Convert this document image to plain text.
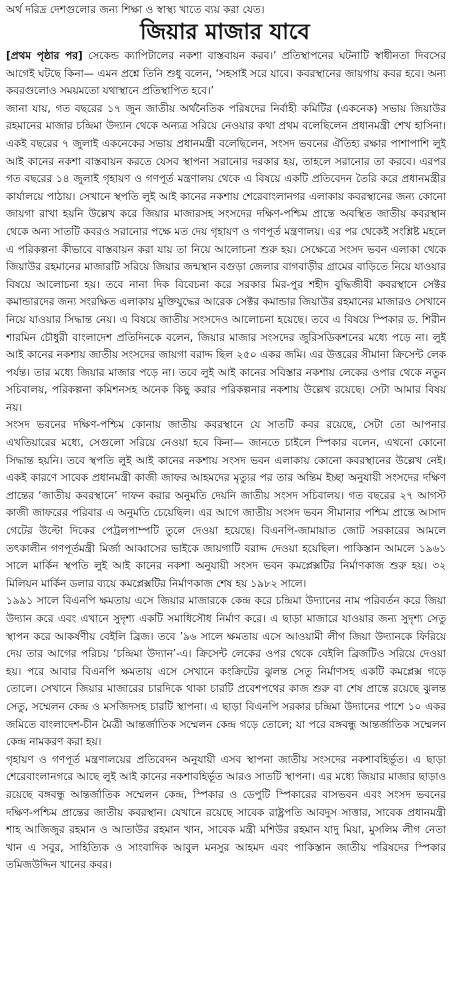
অর্থ দরিদ্র দেশগুলোর জন্য শিক্ষা ও স্বাস্থ্য খাতে ব্যয় করা যেত।
জিয়ার মাজার যাবে

[প্রথম পৃষ্ঠার পর] সেকেন্ড ক্যাপিটালের নকশা বাস্তবায়ন করব।’ প্রতিস্থাপনের ঘটনাটি স্বাধীনতা দিবসের আগেই ঘটছে কিনা— এমন প্রশ্নে তিনি শুধু বলেন, ‘সহসাই সরে যাবে। কবরস্থানের জায়গায় কবর হবে। অন্য কবরগুলোও সময়মতো যথাস্থানে প্রতিস্থাপিত হবে।’

জানা যায়, গত বছরের ১৭ জুন জাতীয় অর্থনৈতিক পরিষদের নির্বাহী কমিটির (একনেক) সভায় জিয়াউর রহমানের মাজার চন্দ্রিমা উদ্যান থেকে অন্যত্র সরিয়ে নেওয়ার কথা প্রথম বলেছিলেন প্রধানমন্ত্রী শেখ হাসিনা। একই বছরের ৭ জুলাই একনেকের সভায় প্রধানমন্ত্রী বলেছিলেন, সংসদ ভবনের ঐতিহ্য রক্ষার পাশাপাশি লুই আই কানের নকশা বাস্তবায়ন করতে যেসব স্থাপনা সরানোর দরকার হয়, তাহলে সরানোর তা করবে। এরপর গত বছরের ১৪ জুলাই গৃহায়ণ ও গণপূর্ত মন্ত্রণালয় থেকে এ বিষয়ে একটি প্রতিবেদন তৈরি করে প্রধানমন্ত্রীর কার্যালয়ে পাঠায়। সেখানে স্থপতি লুই আই কানের নকশায় শেরেবাংলানগর এলাকায় কবরস্থানের জন্য কোনো জায়গা রাখা হয়নি উল্লেখ করে জিয়ার মাজারসহ সংসদের দক্ষিণ-পশ্চিম প্রান্তে অবস্থিত জাতীয় কবরস্থান থেকে অন্য সাতটি কবরও সরানোর পক্ষে মত দেয় গৃহায়ণ ও গণপূর্ত মন্ত্রণালয়। এর পর থেকেই সংশ্লিষ্ট মহলে এ পরিকল্পনা কীভাবে বাস্তবায়ন করা যায় তা নিয়ে আলোচনা শুরু হয়। সেক্ষেত্রে সংসদ ভবন এলাকা থেকে জিয়াউর রহমানের মাজারটি সরিয়ে জিয়ার জন্মস্থান বগুড়া জেলার বাগবাড়ীর গ্রামের বাড়িতে নিয়ে যাওয়ার বিষয়ে আলোচনা হয়। তবে নানা দিক বিবেচনা করে সরকার মির-পুর শহীদ বুদ্ধিজীবী কবরস্থানে সেক্টর কমান্ডারদের জন্য সংরক্ষিত এলাকায় মুক্তিযুদ্ধের আরেক সেক্টর কমান্ডার জিয়াউর রহমানের মাজারও সেখানে নিয়ে যাওয়ার সিদ্ধান্ত নেয়। এ বিষয়ে জাতীয় সংসদেও আলোচনা হয়েছে। তবে এ বিষয়ে স্পিকার ড. শিরীন শারমিন চৌধুরী বাংলাদেশ প্রতিদিনকে বলেন, জিয়ার মাজার সংসদের জুরিসডিকশনের মধ্যে পড়ে না। লুই আই কানের নকশায় জাতীয় সংসদের জায়গা বরাদ্দ ছিল ২৫০ একর জমি। এর উত্তরের সীমানা ক্রিসেন্ট লেক পর্যন্ত। তার মধ্যে জিয়ার মাজার পড়ে না। তবে লুই আই কানের সবিস্তার নকশায় লেকের ওপার থেকে নতুন সচিবালয়, পরিকল্পনা কমিশনসহ অনেক কিছু করার পরিকল্পনার নকশায় উল্লেখ রয়েছে। সেটা আমার বিষয় নয়।

সংসদ ভবনের দক্ষিণ-পশ্চিম কোনায় জাতীয় কবরস্থানে যে সাতটি কবর রয়েছে, সেটা তো আপনার এখতিয়ারের মধ্যে, সেগুলো সরিয়ে নেওয়া হবে কিনা— জানতে চাইলে স্পিকার বলেন, এখনো কোনো সিদ্ধান্ত হয়নি। তবে স্থপতি লুই আই কানের নকশায় সংসদ ভবন এলাকায় কোনো কবরস্থানের উল্লেখ নেই। একই কারণে সাবেক প্রধানমন্ত্রী কাজী জাফর আহমদের মৃত্যুর পর তার অন্তিম ইচ্ছা অনুযায়ী সংসদের দক্ষিণ প্রান্তের ‘জাতীয় কবরস্থানে’ দাফন করার অনুমতি দেয়নি জাতীয় সংসদ সচিবালয়। গত বছরের ২৭ আগস্ট কাজী জাফরের পরিবার এ অনুমতি চেয়েছিল। এর আগে জাতীয় সংসদ ভবন সীমানার পশ্চিম প্রান্তে আসাদ গেটের উল্টো দিকের পেট্রলপাম্পটি তুলে দেওয়া হয়েছে। বিএনপি-জামায়াত জোট সরকারের আমলে তৎকালীন গণপূর্তমন্ত্রী মির্জা আব্বাসের ভাইকে জায়গাটি বরাদ্দ দেওয়া হয়েছিল। পাকিস্তান আমলে ১৯৬১ সালে মার্কিন স্থপতি লুই আই কানের নকশা অনুযায়ী সংসদ ভবন কমপ্লেক্সটির নির্মাণকাজ শুরু হয়। ৩২ মিলিয়ন মার্কিন ডলার ব্যয়ে কমপ্লেক্সটির নির্মাণকাজ শেষ হয় ১৯৮২ সালে।

১৯৯১ সালে বিএনপি ক্ষমতায় এসে জিয়ার মাজারকে কেন্দ্র করে চন্দ্রিমা উদ্যানের নাম পরিবর্তন করে জিয়া উদ্যান করে এবং এখানে সুদৃশ্য একটি সমাধিসৌধ নির্মাণ করে। এ ছাড়া মাজারে যাওয়ার জন্য সুদৃশ্য সেতু স্থাপন করে আকর্ষণীয় বেইলি ব্রিজ। তবে ’৯৬ সালে ক্ষমতায় এসে আওয়ামী লীগ জিয়া উদ্যানকে ফিরিয়ে দেয় তার আগের পরিচয় ‘চন্দ্রিমা উদ্যান’-এ। ক্রিসেন্ট লেকের ওপর থেকে বেইলি ব্রিজটিও সরিয়ে দেওয়া হয়। পরে আবার বিএনপি ক্ষমতায় এসে সেখানে কংক্রিটের ঝুলন্ত সেতু নির্মাণসহ একটি কমপ্লেক্স গড়ে তোলে। সেখানে জিয়ার মাজারের চারদিকে থাকা চারটি প্রবেশপথের কাজ শুরু বা শেষ প্রান্তে রয়েছে ঝুলন্ত সেতু, সম্মেলন কেন্দ্র ও মসজিদসহ চারটি স্থাপনা। এ ছাড়া বিএনপি সরকার চন্দ্রিমা উদ্যানের পাশে ১০ একর জমিতে বাংলাদেশ-চীন মৈত্রী আন্তর্জাতিক সম্মেলন কেন্দ্র গড়ে তোলে; যা পরে বঙ্গবন্ধু আন্তর্জাতিক সম্মেলন কেন্দ্র নামকরণ করা হয়।

গৃহায়ণ ও গণপূর্ত মন্ত্রণালয়ের প্রতিবেদন অনুযায়ী এসব স্থাপনা জাতীয় সংসদের নকশাবহির্ভূত। এ ছাড়া শেরেবাংলানগরে আছে লুই আই কানের নকশাবহির্ভূত আরও সাতটি স্থাপনা। এর মধ্যে জিয়ার মাজার ছাড়াও রয়েছে বঙ্গবন্ধু আন্তর্জাতিক সম্মেলন কেন্দ্র, স্পিকার ও ডেপুটি স্পিকারের বাসভবন এবং সংসদ ভবনের দক্ষিণ-পশ্চিম প্রান্তের জাতীয় কবরস্থান। যেখানে রয়েছে সাবেক রাষ্ট্রপতি আবদুস সাত্তার, সাবেক প্রধানমন্ত্রী শাহ আজিজুর রহমান ও আতাউর রহমান খান, সাবেক মন্ত্রী মশিউর রহমান যাদু মিয়া, মুসলিম লীগ নেতা খান এ সবুর, সাহিত্যিক ও সাংবাদিক আবুল মনসুর আহমদ এবং পাকিস্তান জাতীয় পরিষদের স্পিকার তমিজউদ্দিন খানের কবর।
